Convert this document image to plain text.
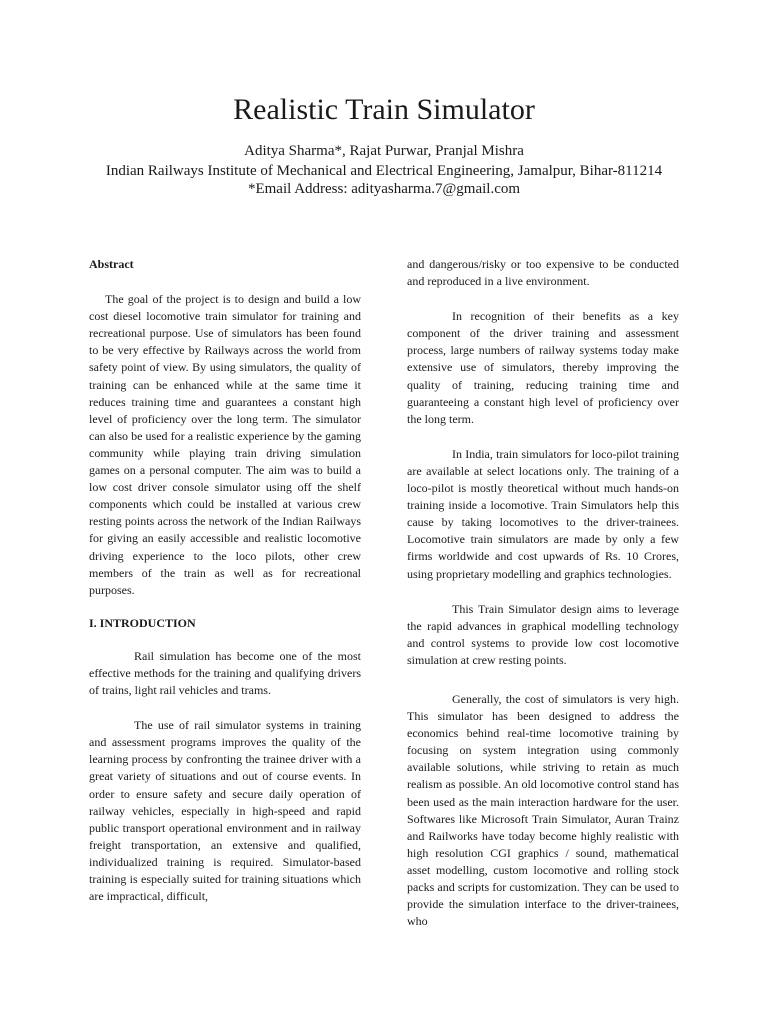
Realistic Train Simulator

Aditya Sharma*, Rajat Purwar, Pranjal Mishra

Indian Railways Institute of Mechanical and Electrical Engineering, Jamalpur, Bihar-811214

*Email Address: adityasharma.7@gmail.com

Abstract

The goal of the project is to design and build a low cost diesel locomotive train simulator for training and recreational purpose. Use of simulators has been found to be very effective by Railways across the world from safety point of view. By using simulators, the quality of training can be enhanced while at the same time it reduces training time and guarantees a constant high level of proficiency over the long term. The simulator can also be used for a realistic experience by the gaming community while playing train driving simulation games on a personal computer. The aim was to build a low cost driver console simulator using off the shelf components which could be installed at various crew resting points across the network of the Indian Railways for giving an easily accessible and realistic locomotive driving experience to the loco pilots, other crew members of the train as well as for recreational purposes.

I. INTRODUCTION

Rail simulation has become one of the most effective methods for the training and qualifying drivers of trains, light rail vehicles and trams.

The use of rail simulator systems in training and assessment programs improves the quality of the learning process by confronting the trainee driver with a great variety of situations and out of course events. In order to ensure safety and secure daily operation of railway vehicles, especially in high-speed and rapid public transport operational environment and in railway freight transportation, an extensive and qualified, individualized training is required. Simulator-based training is especially suited for training situations which are impractical, difficult,

and dangerous/risky or too expensive to be conducted and reproduced in a live environment.

In recognition of their benefits as a key component of the driver training and assessment process, large numbers of railway systems today make extensive use of simulators, thereby improving the quality of training, reducing training time and guaranteeing a constant high level of proficiency over the long term.

In India, train simulators for loco-pilot training are available at select locations only. The training of a loco-pilot is mostly theoretical without much hands-on training inside a locomotive. Train Simulators help this cause by taking locomotives to the driver-trainees. Locomotive train simulators are made by only a few firms worldwide and cost upwards of Rs. 10 Crores, using proprietary modelling and graphics technologies.

This Train Simulator design aims to leverage the rapid advances in graphical modelling technology and control systems to provide low cost locomotive simulation at crew resting points.

Generally, the cost of simulators is very high. This simulator has been designed to address the economics behind real-time locomotive training by focusing on system integration using commonly available solutions, while striving to retain as much realism as possible. An old locomotive control stand has been used as the main interaction hardware for the user. Softwares like Microsoft Train Simulator, Auran Trainz and Railworks have today become highly realistic with high resolution CGI graphics / sound, mathematical asset modelling, custom locomotive and rolling stock packs and scripts for customization. They can be used to provide the simulation interface to the driver-trainees, who
